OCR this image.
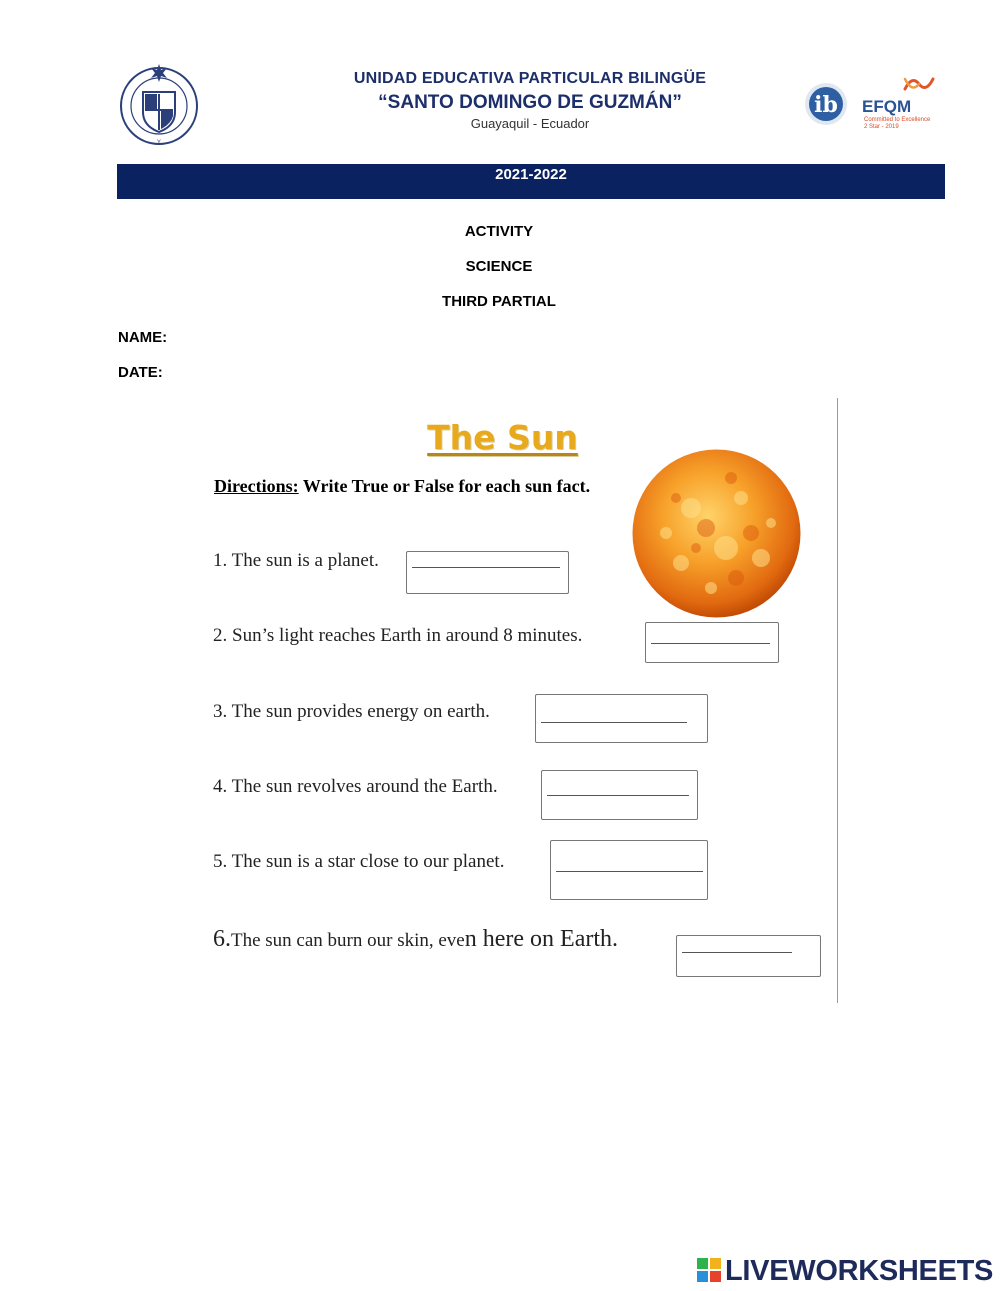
Y
UNIDAD EDUCATIVA PARTICULAR BILINGÜE
“SANTO DOMINGO DE GUZMÁN”
Guayaquil - Ecuador
ib EFQM
Committed to Excellence
2 Star - 2019
2021-2022
ACTIVITY
SCIENCE
THIRD PARTIAL
NAME:
DATE:
The Sun
Directions: Write True or False for each sun fact.
1. The sun is a planet.
2. Sun’s light reaches Earth in around 8 minutes.
3. The sun provides energy on earth.
4. The sun revolves around the Earth.
5. The sun is a star close to our planet.
6.The sun can burn our skin, even here on Earth.
LIVEWORKSHEETS
